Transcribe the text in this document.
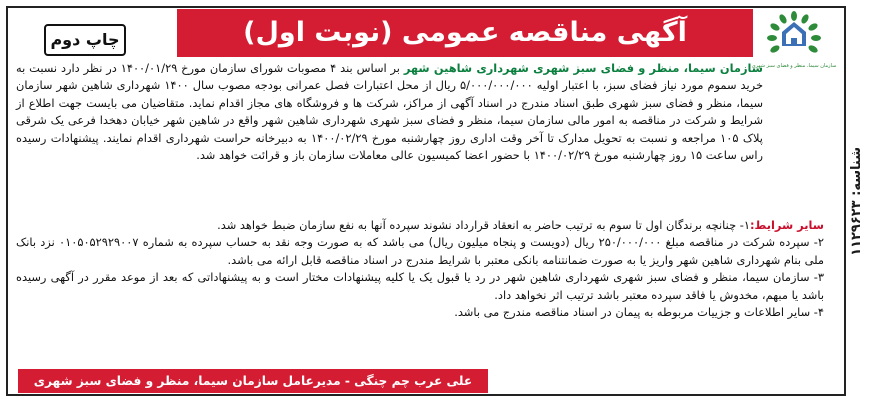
شناسه: ۱۱۲۹۶۲۳
سازمان سیما، منظر و فضای سبز شهری
آگهی مناقصه عمومی (نوبت اول)
چاپ دوم

سازمان سیما، منظر و فضای سبز شهری شهرداری شاهین شهر بر اساس بند ۴ مصوبات شورای سازمان مورخ ۱۴۰۰/۰۱/۲۹ در نظر دارد نسبت به خرید سموم مورد نیاز فضای سبز، با اعتبار اولیه ۵/۰۰۰/۰۰۰/۰۰۰ ریال از محل اعتبارات فصل عمرانی بودجه مصوب سال ۱۴۰۰ شهرداری شاهین شهر سازمان سیما، منظر و فضای سبز شهری طبق اسناد مندرج در اسناد آگهی از مراکز، شرکت ها و فروشگاه های مجاز اقدام نماید. متقاضیان می بایست جهت اطلاع از شرایط و شرکت در مناقصه به امور مالی سازمان سیما، منظر و فضای سبز شهری شهرداری شاهین شهر واقع در شاهین شهر خیابان دهخدا فرعی یک شرقی پلاک ۱۰۵ مراجعه و نسبت به تحویل مدارک تا آخر وقت اداری روز چهارشنبه مورخ ۱۴۰۰/۰۲/۲۹ به دبیرخانه حراست شهرداری اقدام نمایند. پیشنهادات رسیده راس ساعت ۱۵ روز چهارشنبه مورخ ۱۴۰۰/۰۲/۲۹ با حضور اعضا کمیسیون عالی معاملات سازمان باز و قرائت خواهد شد.

سایر شرایط:۱- چنانچه برندگان اول تا سوم به ترتیب حاضر به انعقاد قرارداد نشوند سپرده آنها به نفع سازمان ضبط خواهد شد.

۲- سپرده شرکت در مناقصه مبلغ ۲۵۰/۰۰۰/۰۰۰ ریال (دویست و پنجاه میلیون ریال) می باشد که به صورت وجه نقد به حساب سپرده به شماره ۰۱۰۵۰۵۲۹۲۹۰۰۷ نزد بانک ملی بنام شهرداری شاهین شهر واریز یا به صورت ضمانتنامه بانکی معتبر با شرایط مندرج در اسناد مناقصه قابل ارائه می باشد.

۳- سازمان سیما، منظر و فضای سبز شهری شهرداری شاهین شهر در رد یا قبول یک یا کلیه پیشنهادات مختار است و به پیشنهاداتی که بعد از موعد مقرر در آگهی رسیده باشد یا مبهم، مخدوش یا فاقد سپرده معتبر باشد ترتیب اثر نخواهد داد.

۴- سایر اطلاعات و جزییات مربوطه به پیمان در اسناد مناقصه مندرج می باشد.

علی عرب چم چنگی - مدیرعامل سازمان سیما، منظر و فضای سبز شهری شهرداری شاهین شهر
